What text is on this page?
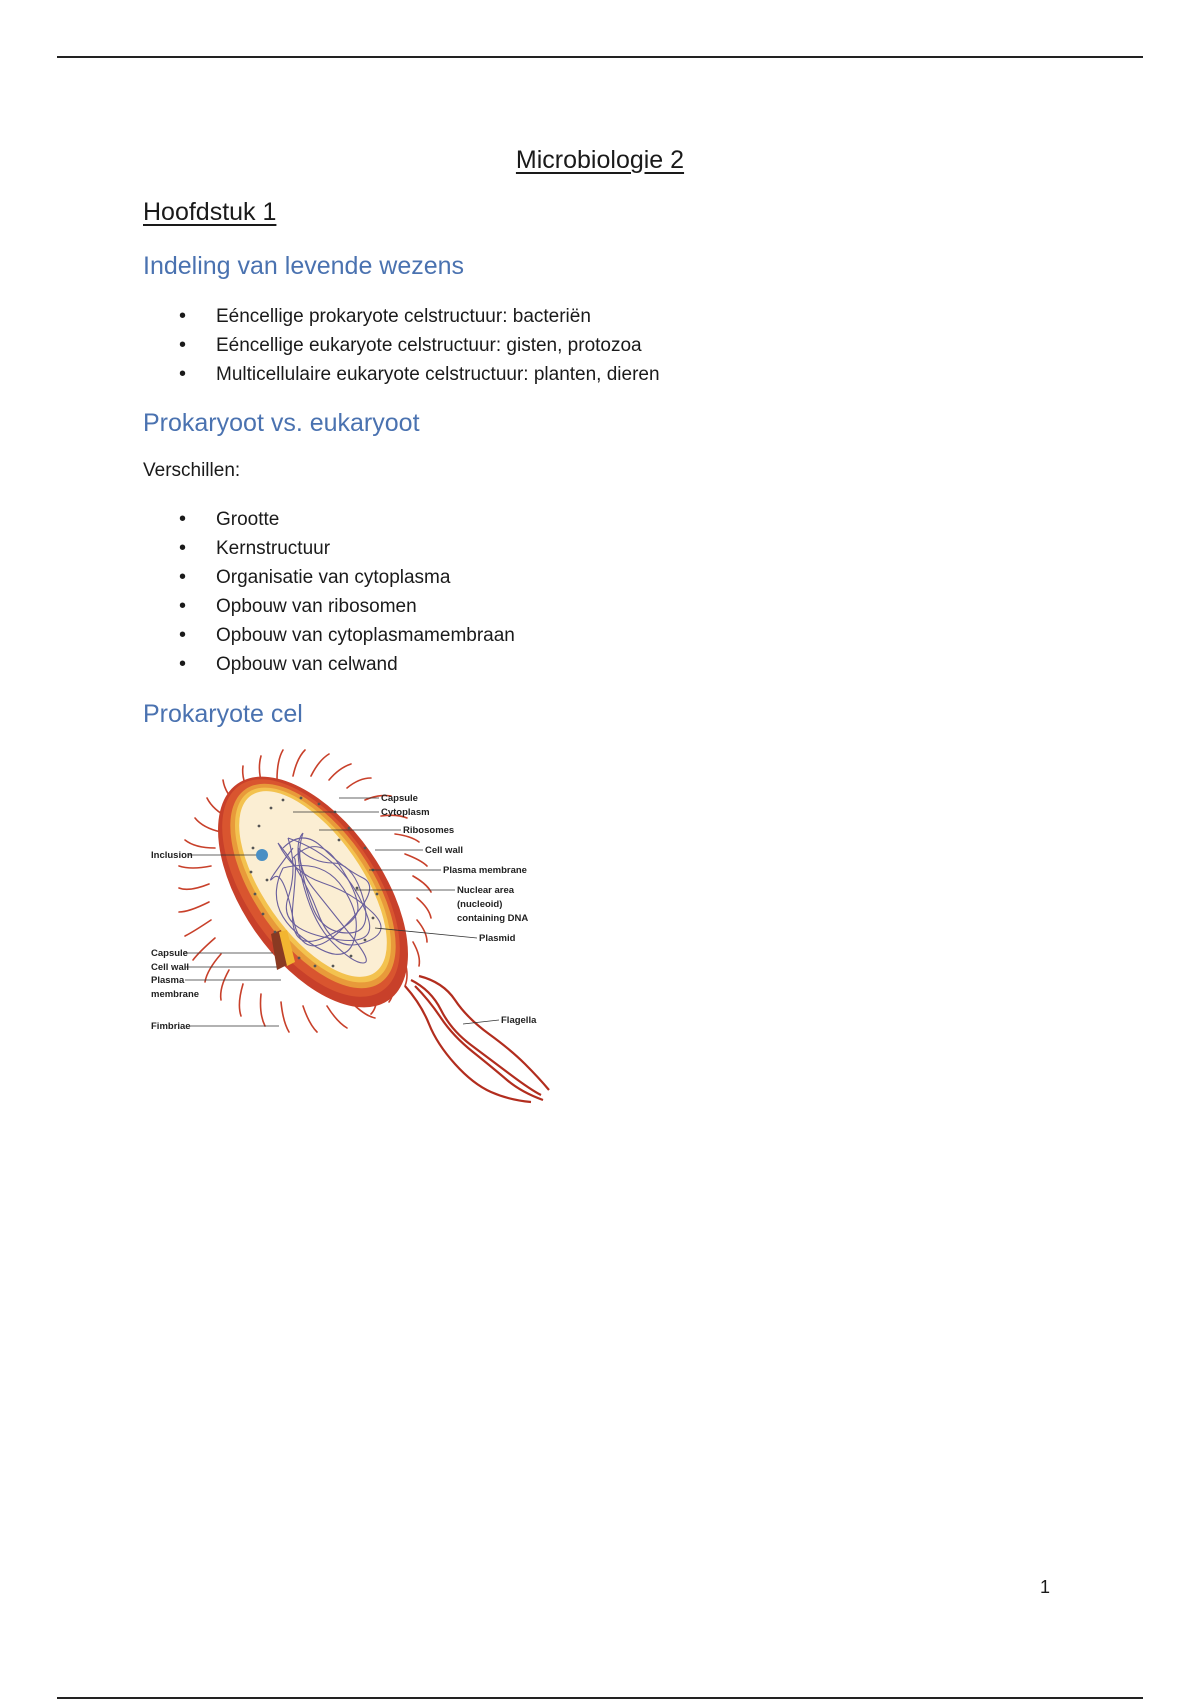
Microbiologie 2
Hoofdstuk 1
Indeling van levende wezens
• Eéncellige prokaryote celstructuur: bacteriën
• Eéncellige eukaryote celstructuur: gisten, protozoa
• Multicellulaire eukaryote celstructuur: planten, dieren
Prokaryoot vs. eukaryoot
Verschillen:
• Grootte
• Kernstructuur
• Organisatie van cytoplasma
• Opbouw van ribosomen
• Opbouw van cytoplasmamembraan
• Opbouw van celwand
Prokaryote cel
Capsule
Cytoplasm
Ribosomes
Cell wall
Plasma membrane
Nuclear area
(nucleoid)
containing DNA
Plasmid
Flagella
Inclusion
Capsule
Cell wall
Plasma
membrane
Fimbriae
1
